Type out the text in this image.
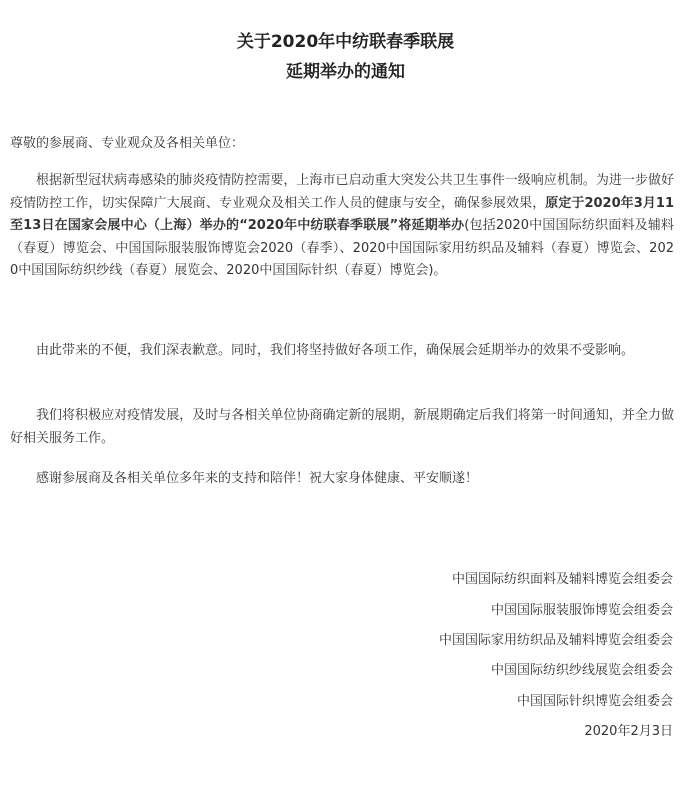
关于2020年中纺联春季联展
延期举办的通知
尊敬的参展商、专业观众及各相关单位：

根据新型冠状病毒感染的肺炎疫情防控需要，上海市已启动重大突发公共卫生事件一级响应机制。为进一步做好疫情防控工作，切实保障广大展商、专业观众及相关工作人员的健康与安全，确保参展效果，原定于2020年3月11至13日在国家会展中心（上海）举办的“2020年中纺联春季联展”将延期举办(包括2020中国国际纺织面料及辅料（春夏）博览会、中国国际服装服饰博览会2020（春季）、2020中国国际家用纺织品及辅料（春夏）博览会、2020中国国际纺织纱线（春夏）展览会、2020中国国际针织（春夏）博览会)。

由此带来的不便，我们深表歉意。同时，我们将坚持做好各项工作，确保展会延期举办的效果不受影响。

我们将积极应对疫情发展，及时与各相关单位协商确定新的展期，新展期确定后我们将第一时间通知，并全力做好相关服务工作。

感谢参展商及各相关单位多年来的支持和陪伴！祝大家身体健康、平安顺遂！

中国国际纺织面料及辅料博览会组委会
中国国际服装服饰博览会组委会
中国国际家用纺织品及辅料博览会组委会
中国国际纺织纱线展览会组委会
中国国际针织博览会组委会
2020年2月3日
